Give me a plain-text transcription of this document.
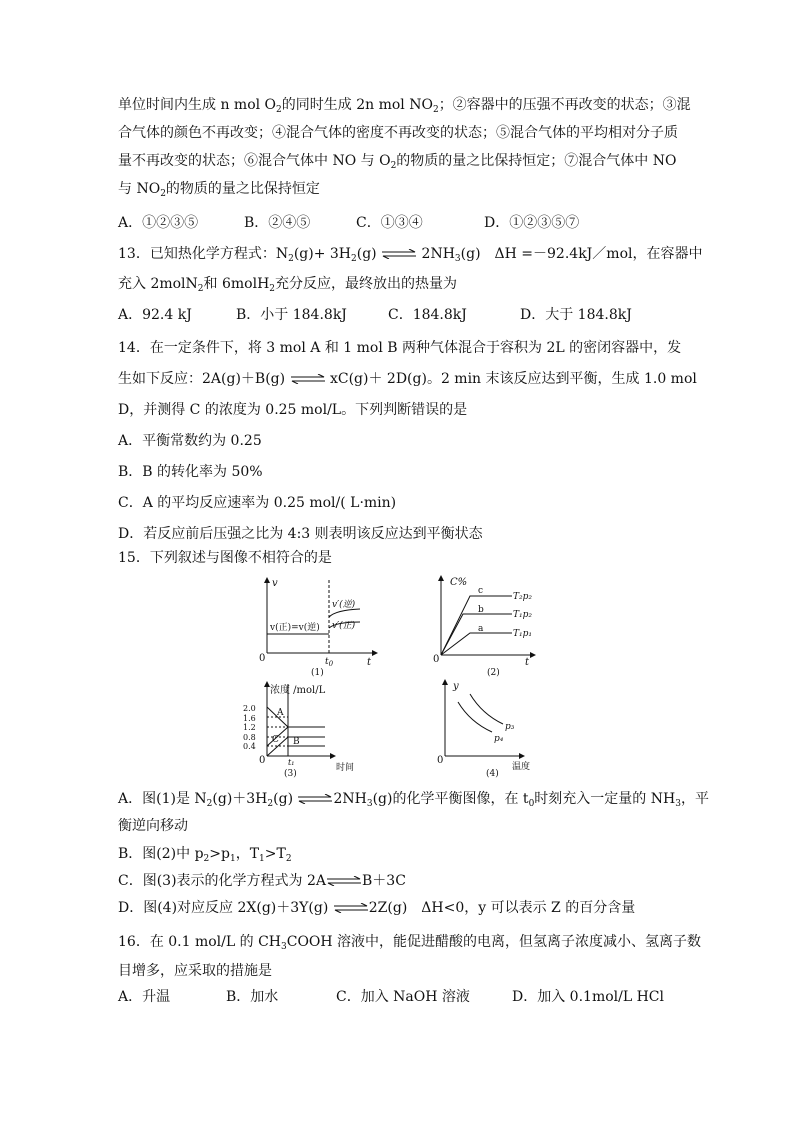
单位时间内生成 n mol $O_2$的同时生成 2n mol $NO_2$；②容器中的压强不再改变的状态；③混
合气体的颜色不再改变；④混合气体的密度不再改变的状态；⑤混合气体的平均相对分子质
量不再改变的状态；⑥混合气体中 NO 与 $O_2$的物质的量之比保持恒定；⑦混合气体中 NO
与 $NO_2$的物质的量之比保持恒定
A．①②③⑤	B．②④⑤	C．①③④	D．①②③⑤⑦
13．已知热化学方程式：$N_2(g)+ 3H_2(g)$ ⇌ $2NH_3(g)$　ΔH =－92.4kJ／mol，在容器中
充入 2molN$_2$和 6molH$_2$充分反应，最终放出的热量为
A．92.4 kJ	B．小于 184.8kJ	C．184.8kJ	D．大于 184.8kJ
14．在一定条件下，将 3 mol A 和 1 mol B 两种气体混合于容积为 2L 的密闭容器中，发
生如下反应：2A(g)＋B(g) ⇌ xC(g)＋ 2D(g)。2 min 末该反应达到平衡，生成 1.0 mol
D，并测得 C 的浓度为 0.25 mol/L。下列判断错误的是
A．平衡常数约为 0.25
B．B 的转化率为 50%
C．A 的平均反应速率为 0.25 mol/( L·min)
D．若反应前后压强之比为 4:3 则表明该反应达到平衡状态
15．下列叙述与图像不相符合的是
v
t
0
v(正)=v(逆)
v′(逆)
v′(正)
$t_0$
(1)
C%
t
0
c
b
a
T₂p₂
T₁p₂
T₁p₁
(2)
浓度 /mol/L
时间
0
2.0
1.6
1.2
0.8
0.4
A
B
C
t₁
(3)
y
温度
0
p₃
p₄
(4)
A．图(1)是 $N_2(g)+3H_2(g)$ $\rightleftharpoons 2NH_3(g)$的化学平衡图像，在 $t_0$时刻充入一定量的 $NH_3$，平
衡逆向移动
B．图(2)中 $p_2>p_1$，$T_1>T_2$
C．图(3)表示的化学方程式为 2A⇌B＋3C
D．图(4)对应反应 2X(g)＋3Y(g) ⇌2Z(g)　ΔH<0，y 可以表示 Z 的百分含量
16．在 0.1 mol/L 的 $CH_3COOH$ 溶液中，能促进醋酸的电离，但氢离子浓度减小、氢离子数
目增多，应采取的措施是
A．升温	B．加水	C．加入 NaOH 溶液	D．加入 0.1mol/L HCl
